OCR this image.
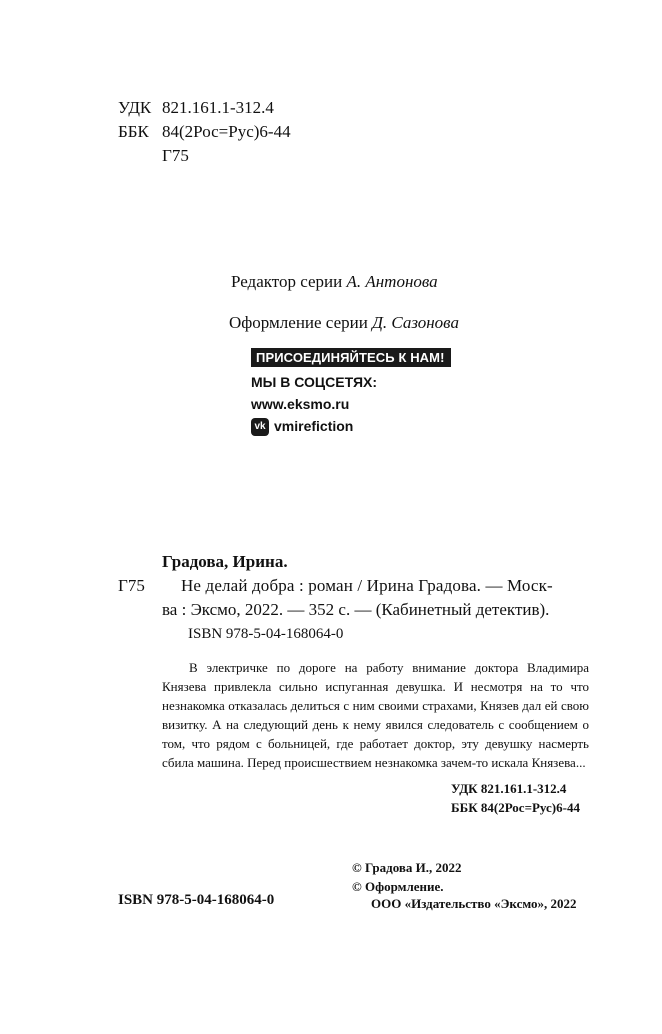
УДК 821.161.1-312.4
ББК 84(2Рос=Рус)6-44
Г75
Редактор серии А. Антонова
Оформление серии Д. Сазонова
ПРИСОЕДИНЯЙТЕСЬ К НАМ!
МЫ В СОЦСЕТЯХ:
www.eksmo.ru
vk vmirefiction
Градова, Ирина.
Г75 Не делай добра : роман / Ирина Градова. — Моск-
ва : Эксмо, 2022. — 352 с. — (Кабинетный детектив).
ISBN 978-5-04-168064-0
В электричке по дороге на работу внимание доктора Владимира Князева привлекла сильно испуганная девушка. И несмотря на то что незнакомка отказалась делиться с ним своими страхами, Князев дал ей свою визитку. А на следующий день к нему явился следователь с сообщением о том, что рядом с больницей, где работает доктор, эту девушку насмерть сбила машина. Перед происшествием незнакомка зачем-то искала Князева...
УДК 821.161.1-312.4
ББК 84(2Рос=Рус)6-44
© Градова И., 2022
© Оформление.
ISBN 978-5-04-168064-0	ООО «Издательство «Эксмо», 2022
